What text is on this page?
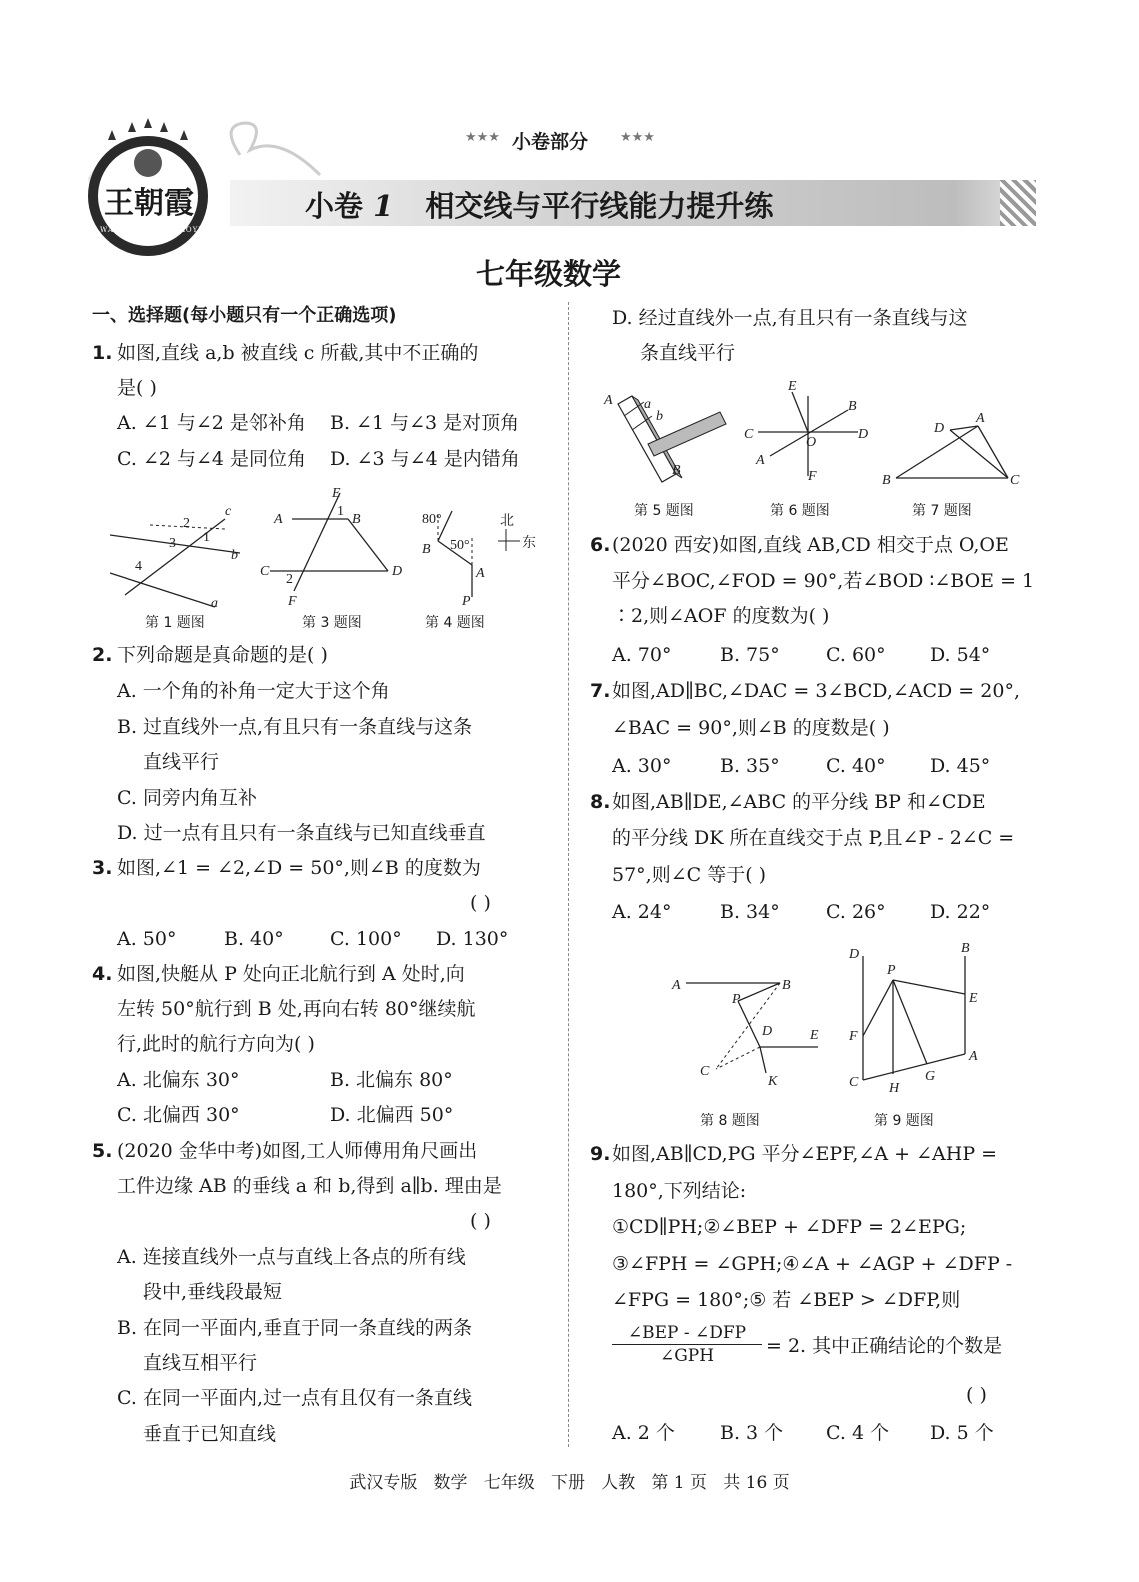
王朝霞
WANGZHAOXIA JIAOYU
★★★ 小卷部分 ★★★
小卷 1 相交线与平行线能力提升练
七年级数学
一、选择题(每小题只有一个正确选项)
1. 如图,直线 a,b 被直线 c 所截,其中不正确的
是( )
A. ∠1 与∠2 是邻补角 B. ∠1 与∠3 是对顶角
C. ∠2 与∠4 是同位角 D. ∠3 与∠4 是内错角
c
2
3 1
b
4
a
第 1 题图
E
A
1
B
C
2
D
F
第 3 题图
80°
B 50°
A
P
北
东
第 4 题图
2. 下列命题是真命题的是( )
A. 一个角的补角一定大于这个角
B. 过直线外一点,有且只有一条直线与这条
直线平行
C. 同旁内角互补
D. 过一点有且只有一条直线与已知直线垂直
3. 如图,∠1 = ∠2,∠D = 50°,则∠B 的度数为
( )
A. 50°	B. 40° C. 100° D. 130°
4. 如图,快艇从 P 处向正北航行到 A 处时,向
左转 50°航行到 B 处,再向右转 80°继续航
行,此时的航行方向为( )
A. 北偏东 30°	B. 北偏东 80°
C. 北偏西 30°	D. 北偏西 50°
5. (2020 金华中考)如图,工人师傅用角尺画出
工件边缘 AB 的垂线 a 和 b,得到 a∥b. 理由是
( )
A. 连接直线外一点与直线上各点的所有线
段中,垂线段最短
B. 在同一平面内,垂直于同一条直线的两条
直线互相平行
C. 在同一平面内,过一点有且仅有一条直线
垂直于已知直线
D. 经过直线外一点,有且只有一条直线与这
条直线平行
A a
b
B
第 5 题图
E
B
C
O
D
A
F
第 6 题图
D
A
B	C
第 7 题图
6. (2020 西安)如图,直线 AB,CD 相交于点 O,OE
平分∠BOC,∠FOD = 90°,若∠BOD ∶∠BOE = 1
∶2,则∠AOF 的度数为( )
A. 70°	B. 75° C. 60° D. 54°
7. 如图,AD∥BC,∠DAC = 3∠BCD,∠ACD = 20°,
∠BAC = 90°,则∠B 的度数是( )
A. 30°	B. 35° C. 40° D. 45°
8. 如图,AB∥DE,∠ABC 的平分线 BP 和∠CDE
的平分线 DK 所在直线交于点 P,且∠P - 2∠C =
57°,则∠C 等于( )
A. 24°	B. 34° C. 26° D. 22°
A
P
B
D	E
C
K
第 8 题图
D
P
B
E
F
A
G
C H
第 9 题图
9. 如图,AB∥CD,PG 平分∠EPF,∠A + ∠AHP =
180°,下列结论:
①CD∥PH;②∠BEP + ∠DFP = 2∠EPG;
③∠FPH = ∠GPH;④∠A + ∠AGP + ∠DFP -
∠FPG = 180°;⑤ 若 ∠BEP > ∠DFP,则
∠BEP - ∠DFP
∠GPH	= 2. 其中正确结论的个数是
( )
A. 2 个 B. 3 个 C. 4 个 D. 5 个
武汉专版   数学   七年级   下册   人教   第 1 页   共 16 页
